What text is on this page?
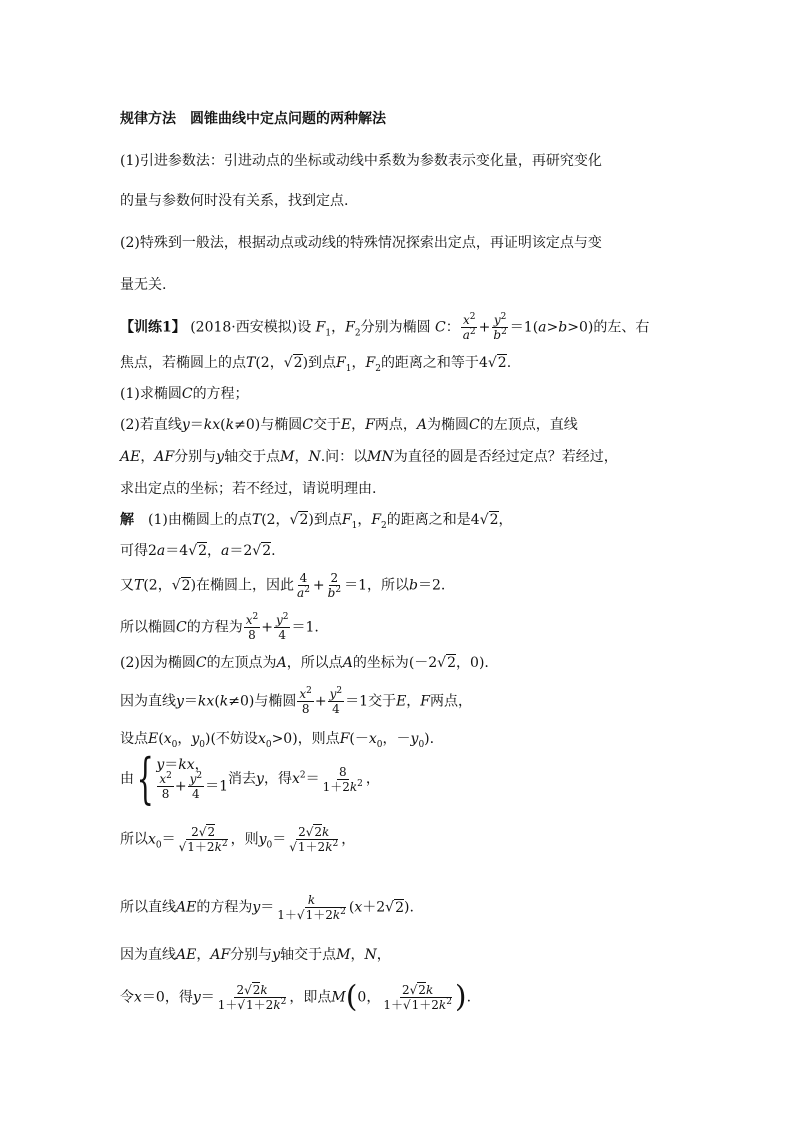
规律方法　圆锥曲线中定点问题的两种解法
(1)引进参数法：引进动点的坐标或动线中系数为参数表示变化量，再研究变化
的量与参数何时没有关系，找到定点.
(2)特殊到一般法，根据动点或动线的特殊情况探索出定点，再证明该定点与变
量无关.
【训练1】 (2018·西安模拟)设 $F_1$，$F_2$分别为椭圆 C： $\frac{x^2}{a^2} + \frac{y^2}{b^2} =1(a>b>0)$的左、右
焦点，若椭圆上的点T(2，√2)到点$F_1$，$F_2$的距离之和等于4√2.
(1)求椭圆C的方程；
(2)若直线y＝kx(k≠0)与椭圆C交于E，F两点，A为椭圆C的左顶点，直线
AE，AF分别与y轴交于点M，N.问：以MN为直径的圆是否经过定点？若经过，
求出定点的坐标；若不经过，请说明理由.
解　 (1)由椭圆上的点T(2，√2)到点$F_1$，$F_2$的距离之和是4√2，
可得2a＝4√2，a＝2√2.
又T(2，√2)在椭圆上，因此 $\frac{4}{a^2} + \frac{2}{b^2} =1$，所以b＝2.
所以椭圆C的方程为 $\frac{x^2}{8} + \frac{y^2}{4} =1$.
(2)因为椭圆C的左顶点为A，所以点A的坐标为(－2√2，0).
因为直线y＝kx(k≠0)与椭圆 $\frac{x^2}{8} + \frac{y^2}{4} =1$交于E，F两点，
设点$E(x_0$，$y_0$)(不妨设$x_0>0$)，则点$F(-x_0$，$-y_0$).
由{ y＝kx，
$\frac{x^2}{8} + \frac{y^2}{4} =1$ 消去y，得$x^2= \frac{8}{1+2k^2}$ ，
所以$x_0= \frac{2√2}{√1+2k^2}$ ，则$y_0= \frac{2√2k}{√1+2k^2}$ ，
所以直线AE的方程为$y= \frac{k}{1+√1+2k^2} (x+2√2)$.
因为直线AE，AF分别与y轴交于点M，N，
令x＝0，得$y= \frac{2√2k}{1+√1+2k^2}$ ，即点M(0， $\frac{2√2k}{1+√1+2k^2}$ ).
